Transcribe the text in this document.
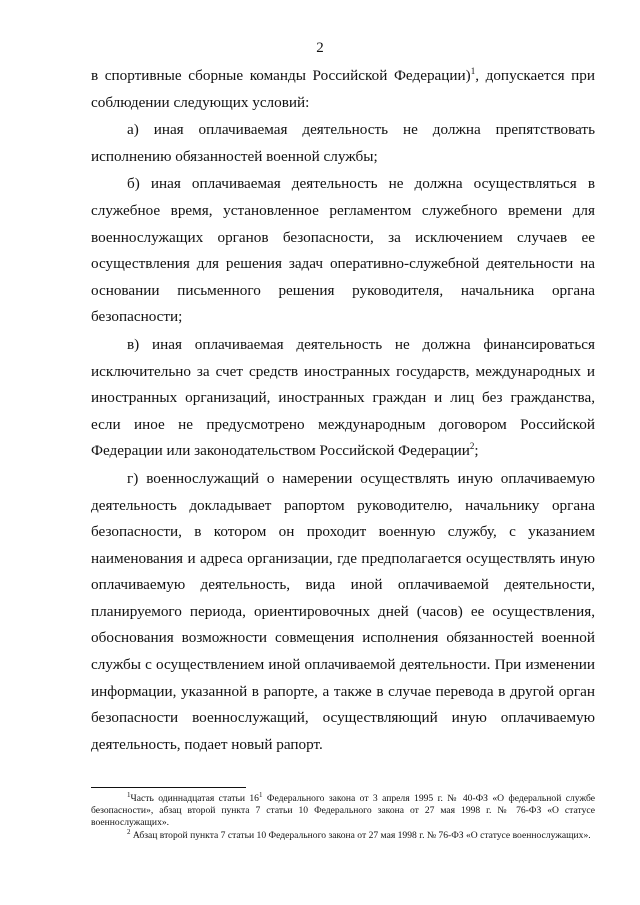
2

в спортивные сборные команды Российской Федерации)$^1$, допускается при соблюдении следующих условий:

а) иная оплачиваемая деятельность не должна препятствовать исполнению обязанностей военной службы;

б) иная оплачиваемая деятельность не должна осуществляться в служебное время, установленное регламентом служебного времени для военнослужащих органов безопасности, за исключением случаев ее осуществления для решения задач оперативно-служебной деятельности на основании письменного решения руководителя, начальника органа безопасности;

в) иная оплачиваемая деятельность не должна финансироваться исключительно за счет средств иностранных государств, международных и иностранных организаций, иностранных граждан и лиц без гражданства, если иное не предусмотрено международным договором Российской Федерации или законодательством Российской Федерации$^2$;

г) военнослужащий о намерении осуществлять иную оплачиваемую деятельность докладывает рапортом руководителю, начальнику органа безопасности, в котором он проходит военную службу, с указанием наименования и адреса организации, где предполагается осуществлять иную оплачиваемую деятельность, вида иной оплачиваемой деятельности, планируемого периода, ориентировочных дней (часов) ее осуществления, обоснования возможности совмещения исполнения обязанностей военной службы с осуществлением иной оплачиваемой деятельности. При изменении информации, указанной в рапорте, а также в случае перевода в другой орган безопасности военнослужащий, осуществляющий иную оплачиваемую деятельность, подает новый рапорт.

$^1$Часть одиннадцатая статьи $16^1$ Федерального закона от 3 апреля 1995 г. № 40-ФЗ «О федеральной службе безопасности», абзац второй пункта 7 статьи 10 Федерального закона от 27 мая 1998 г. № 76-ФЗ «О статусе военнослужащих».

$^2$ Абзац второй пункта 7 статьи 10 Федерального закона от 27 мая 1998 г. № 76-ФЗ «О статусе военнослужащих».
